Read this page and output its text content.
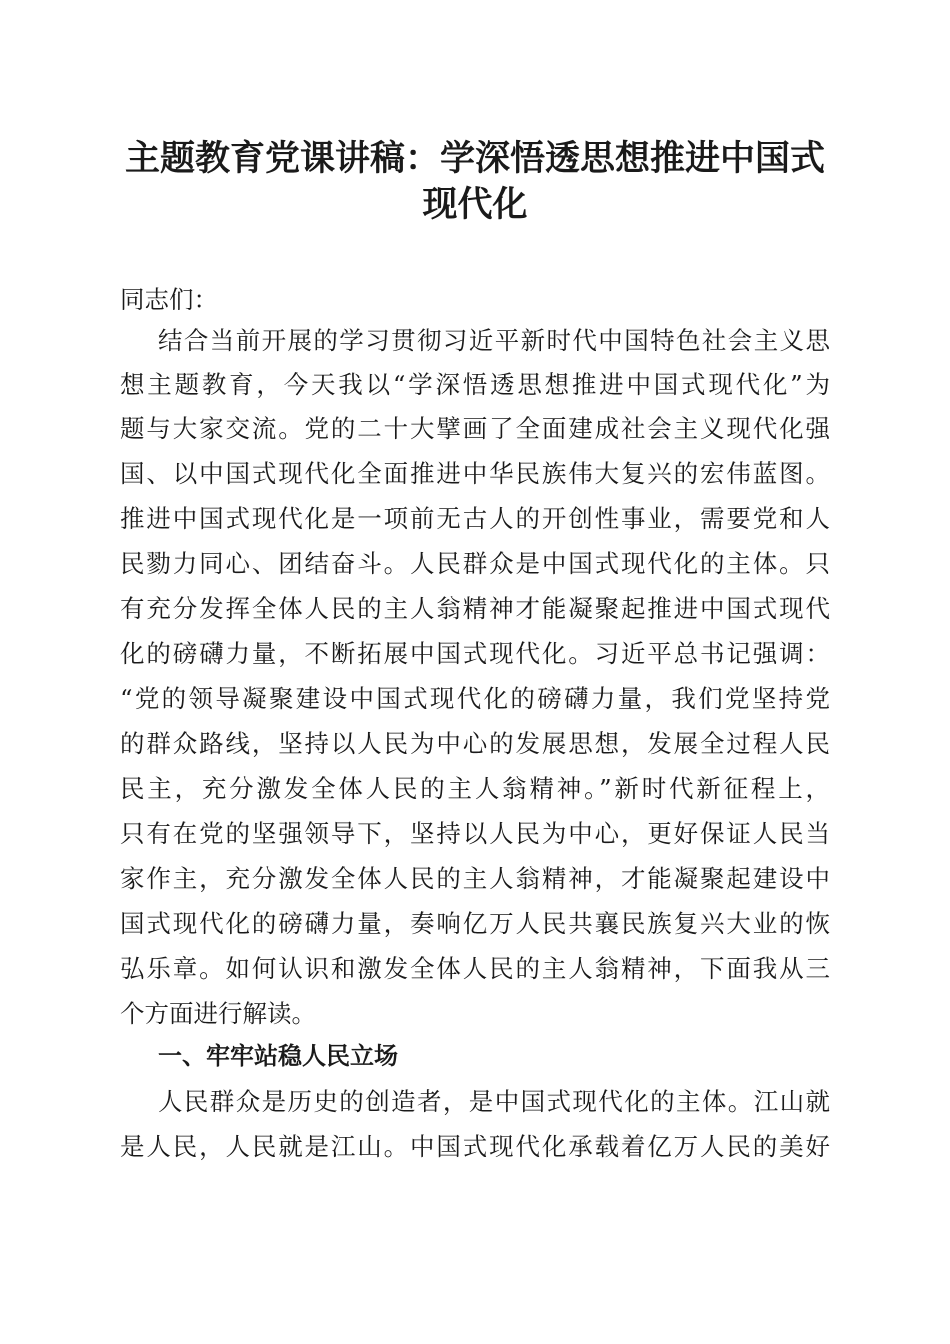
主题教育党课讲稿：学深悟透思想推进中国式
现代化

同志们：

结合当前开展的学习贯彻习近平新时代中国特色社会主义思

想主题教育，今天我以“学深悟透思想推进中国式现代化”为

题与大家交流。党的二十大擘画了全面建成社会主义现代化强

国、以中国式现代化全面推进中华民族伟大复兴的宏伟蓝图。

推进中国式现代化是一项前无古人的开创性事业，需要党和人

民勠力同心、团结奋斗。人民群众是中国式现代化的主体。只

有充分发挥全体人民的主人翁精神才能凝聚起推进中国式现代

化的磅礴力量，不断拓展中国式现代化。习近平总书记强调：

“党的领导凝聚建设中国式现代化的磅礴力量，我们党坚持党

的群众路线，坚持以人民为中心的发展思想，发展全过程人民

民主，充分激发全体人民的主人翁精神。”新时代新征程上，

只有在党的坚强领导下，坚持以人民为中心，更好保证人民当

家作主，充分激发全体人民的主人翁精神，才能凝聚起建设中

国式现代化的磅礴力量，奏响亿万人民共襄民族复兴大业的恢

弘乐章。如何认识和激发全体人民的主人翁精神，下面我从三

个方面进行解读。

一、牢牢站稳人民立场

人民群众是历史的创造者，是中国式现代化的主体。江山就

是人民，人民就是江山。中国式现代化承载着亿万人民的美好
